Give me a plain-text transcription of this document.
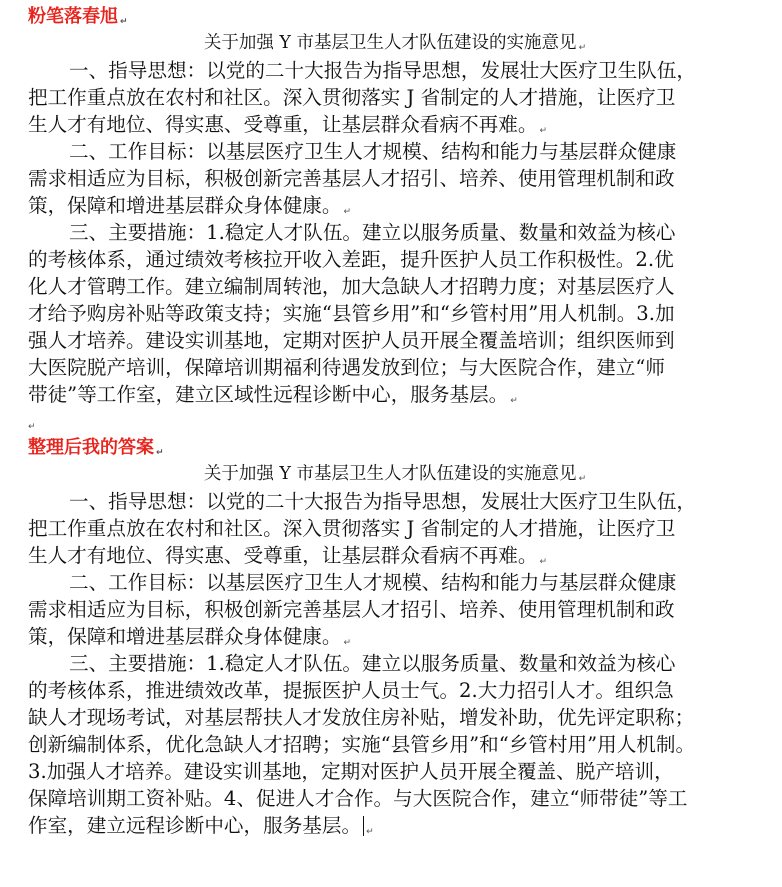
粉笔落春旭 ↵
关于加强 Y 市基层卫生人才队伍建设的实施意见 ↵
一、指导思想：以党的二十大报告为指导思想，发展壮大医疗卫生队伍，
把工作重点放在农村和社区。深入贯彻落实 J 省制定的人才措施，让医疗卫
生人才有地位、得实惠、受尊重，让基层群众看病不再难。 ↵
二、工作目标：以基层医疗卫生人才规模、结构和能力与基层群众健康
需求相适应为目标，积极创新完善基层人才招引、培养、使用管理机制和政
策，保障和增进基层群众身体健康。 ↵
三、主要措施：1.稳定人才队伍。建立以服务质量、数量和效益为核心
的考核体系，通过绩效考核拉开收入差距，提升医护人员工作积极性。2.优
化人才管聘工作。建立编制周转池，加大急缺人才招聘力度；对基层医疗人
才给予购房补贴等政策支持；实施“县管乡用”和“乡管村用”用人机制。3.加
强人才培养。建设实训基地，定期对医护人员开展全覆盖培训；组织医师到
大医院脱产培训，保障培训期福利待遇发放到位；与大医院合作，建立“师
带徒”等工作室，建立区域性远程诊断中心，服务基层。 ↵
↵
整理后我的答案 ↵
关于加强 Y 市基层卫生人才队伍建设的实施意见 ↵
一、指导思想：以党的二十大报告为指导思想，发展壮大医疗卫生队伍，
把工作重点放在农村和社区。深入贯彻落实 J 省制定的人才措施，让医疗卫
生人才有地位、得实惠、受尊重，让基层群众看病不再难。 ↵
二、工作目标：以基层医疗卫生人才规模、结构和能力与基层群众健康
需求相适应为目标，积极创新完善基层人才招引、培养、使用管理机制和政
策，保障和增进基层群众身体健康。 ↵
三、主要措施：1.稳定人才队伍。建立以服务质量、数量和效益为核心
的考核体系，推进绩效改革，提振医护人员士气。2.大力招引人才。组织急
缺人才现场考试，对基层帮扶人才发放住房补贴，增发补助，优先评定职称；
创新编制体系，优化急缺人才招聘；实施“县管乡用”和“乡管村用”用人机制。
3.加强人才培养。建设实训基地，定期对医护人员开展全覆盖、脱产培训，
保障培训期工资补贴。4、促进人才合作。与大医院合作，建立“师带徒”等工
作室，建立远程诊断中心，服务基层。 ↵
